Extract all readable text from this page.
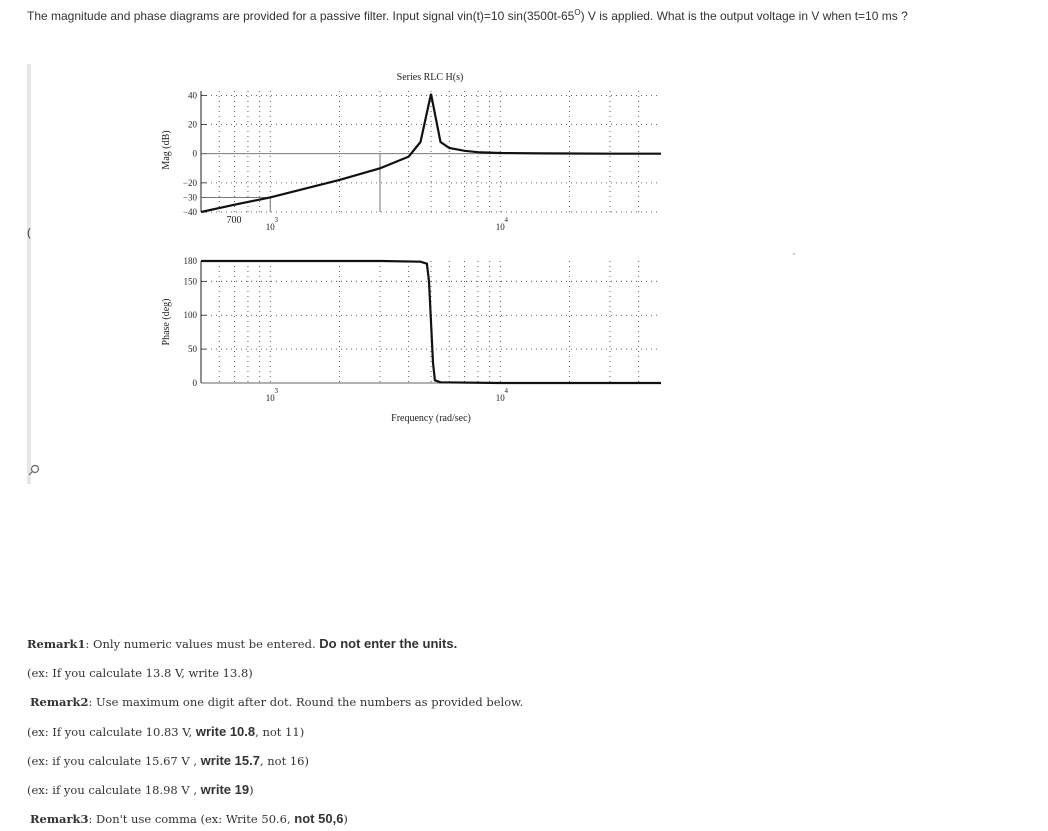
The magnitude and phase diagrams are provided for a passive filter. Input signal vin(t)=10 $\sin(3500t-65^O)$ V is applied. What is the output voltage in V when t=10 ms ?
(
Series RLC H(s)
Mag (dB)
Phase (deg)
Frequency (rad/sec)
700
40
20
0
−20
−30
−40
180
150
100
50
0
10
3
10
4
10
3
10
4

Remark1: Only numeric values must be entered. Do not enter the units.

(ex: If you calculate 13.8 V, write 13.8)

Remark2: Use maximum one digit after dot. Round the numbers as provided below.

(ex: If you calculate 10.83 V, write 10.8, not 11)

(ex: if you calculate 15.67 V , write 15.7, not 16)

(ex: if you calculate 18.98 V , write 19)

Remark3: Don't use comma (ex: Write 50.6, not 50,6)
